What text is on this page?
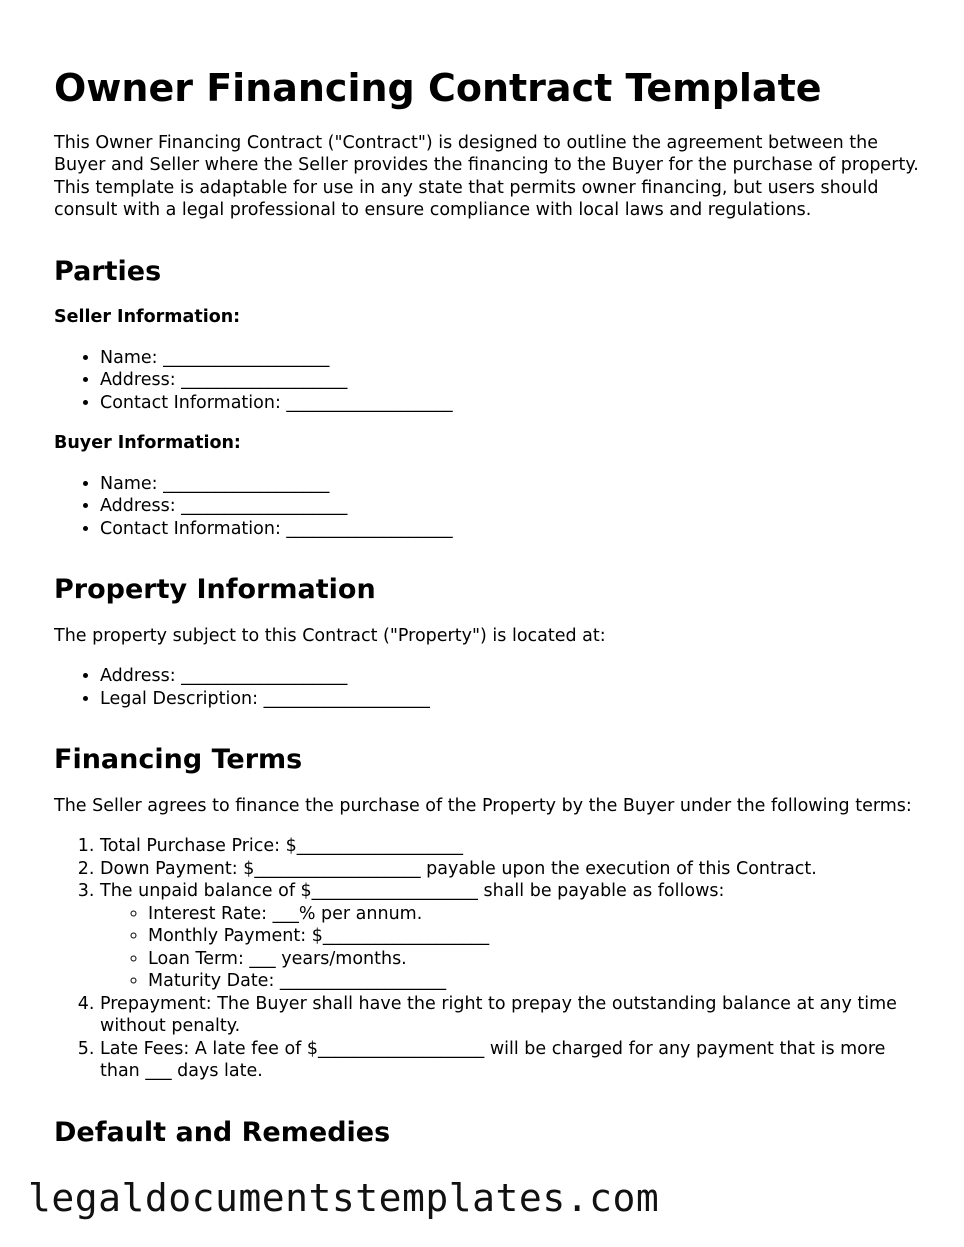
Owner Financing Contract Template

This Owner Financing Contract ("Contract") is designed to outline the agreement between the Buyer and Seller where the Seller provides the financing to the Buyer for the purchase of property. This template is adaptable for use in any state that permits owner financing, but users should consult with a legal professional to ensure compliance with local laws and regulations.

Parties
Seller Information:
• Name: ___________________
• Address: ___________________
• Contact Information: ___________________
Buyer Information:
• Name: ___________________
• Address: ___________________
• Contact Information: ___________________
Property Information

The property subject to this Contract ("Property") is located at:

• Address: ___________________
• Legal Description: ___________________
Financing Terms

The Seller agrees to finance the purchase of the Property by the Buyer under the following terms:

1. Total Purchase Price: $___________________
2. Down Payment: $___________________ payable upon the execution of this Contract.
3. The unpaid balance of $___________________ shall be payable as follows:
◦ Interest Rate: ___% per annum.
◦ Monthly Payment: $___________________
◦ Loan Term: ___ years/months.
◦ Maturity Date: ___________________
4. Prepayment: The Buyer shall have the right to prepay the outstanding balance at any time without penalty.
5. Late Fees: A late fee of $___________________ will be charged for any payment that is more than ___ days late.
Default and Remedies
legaldocumentstemplates.com
